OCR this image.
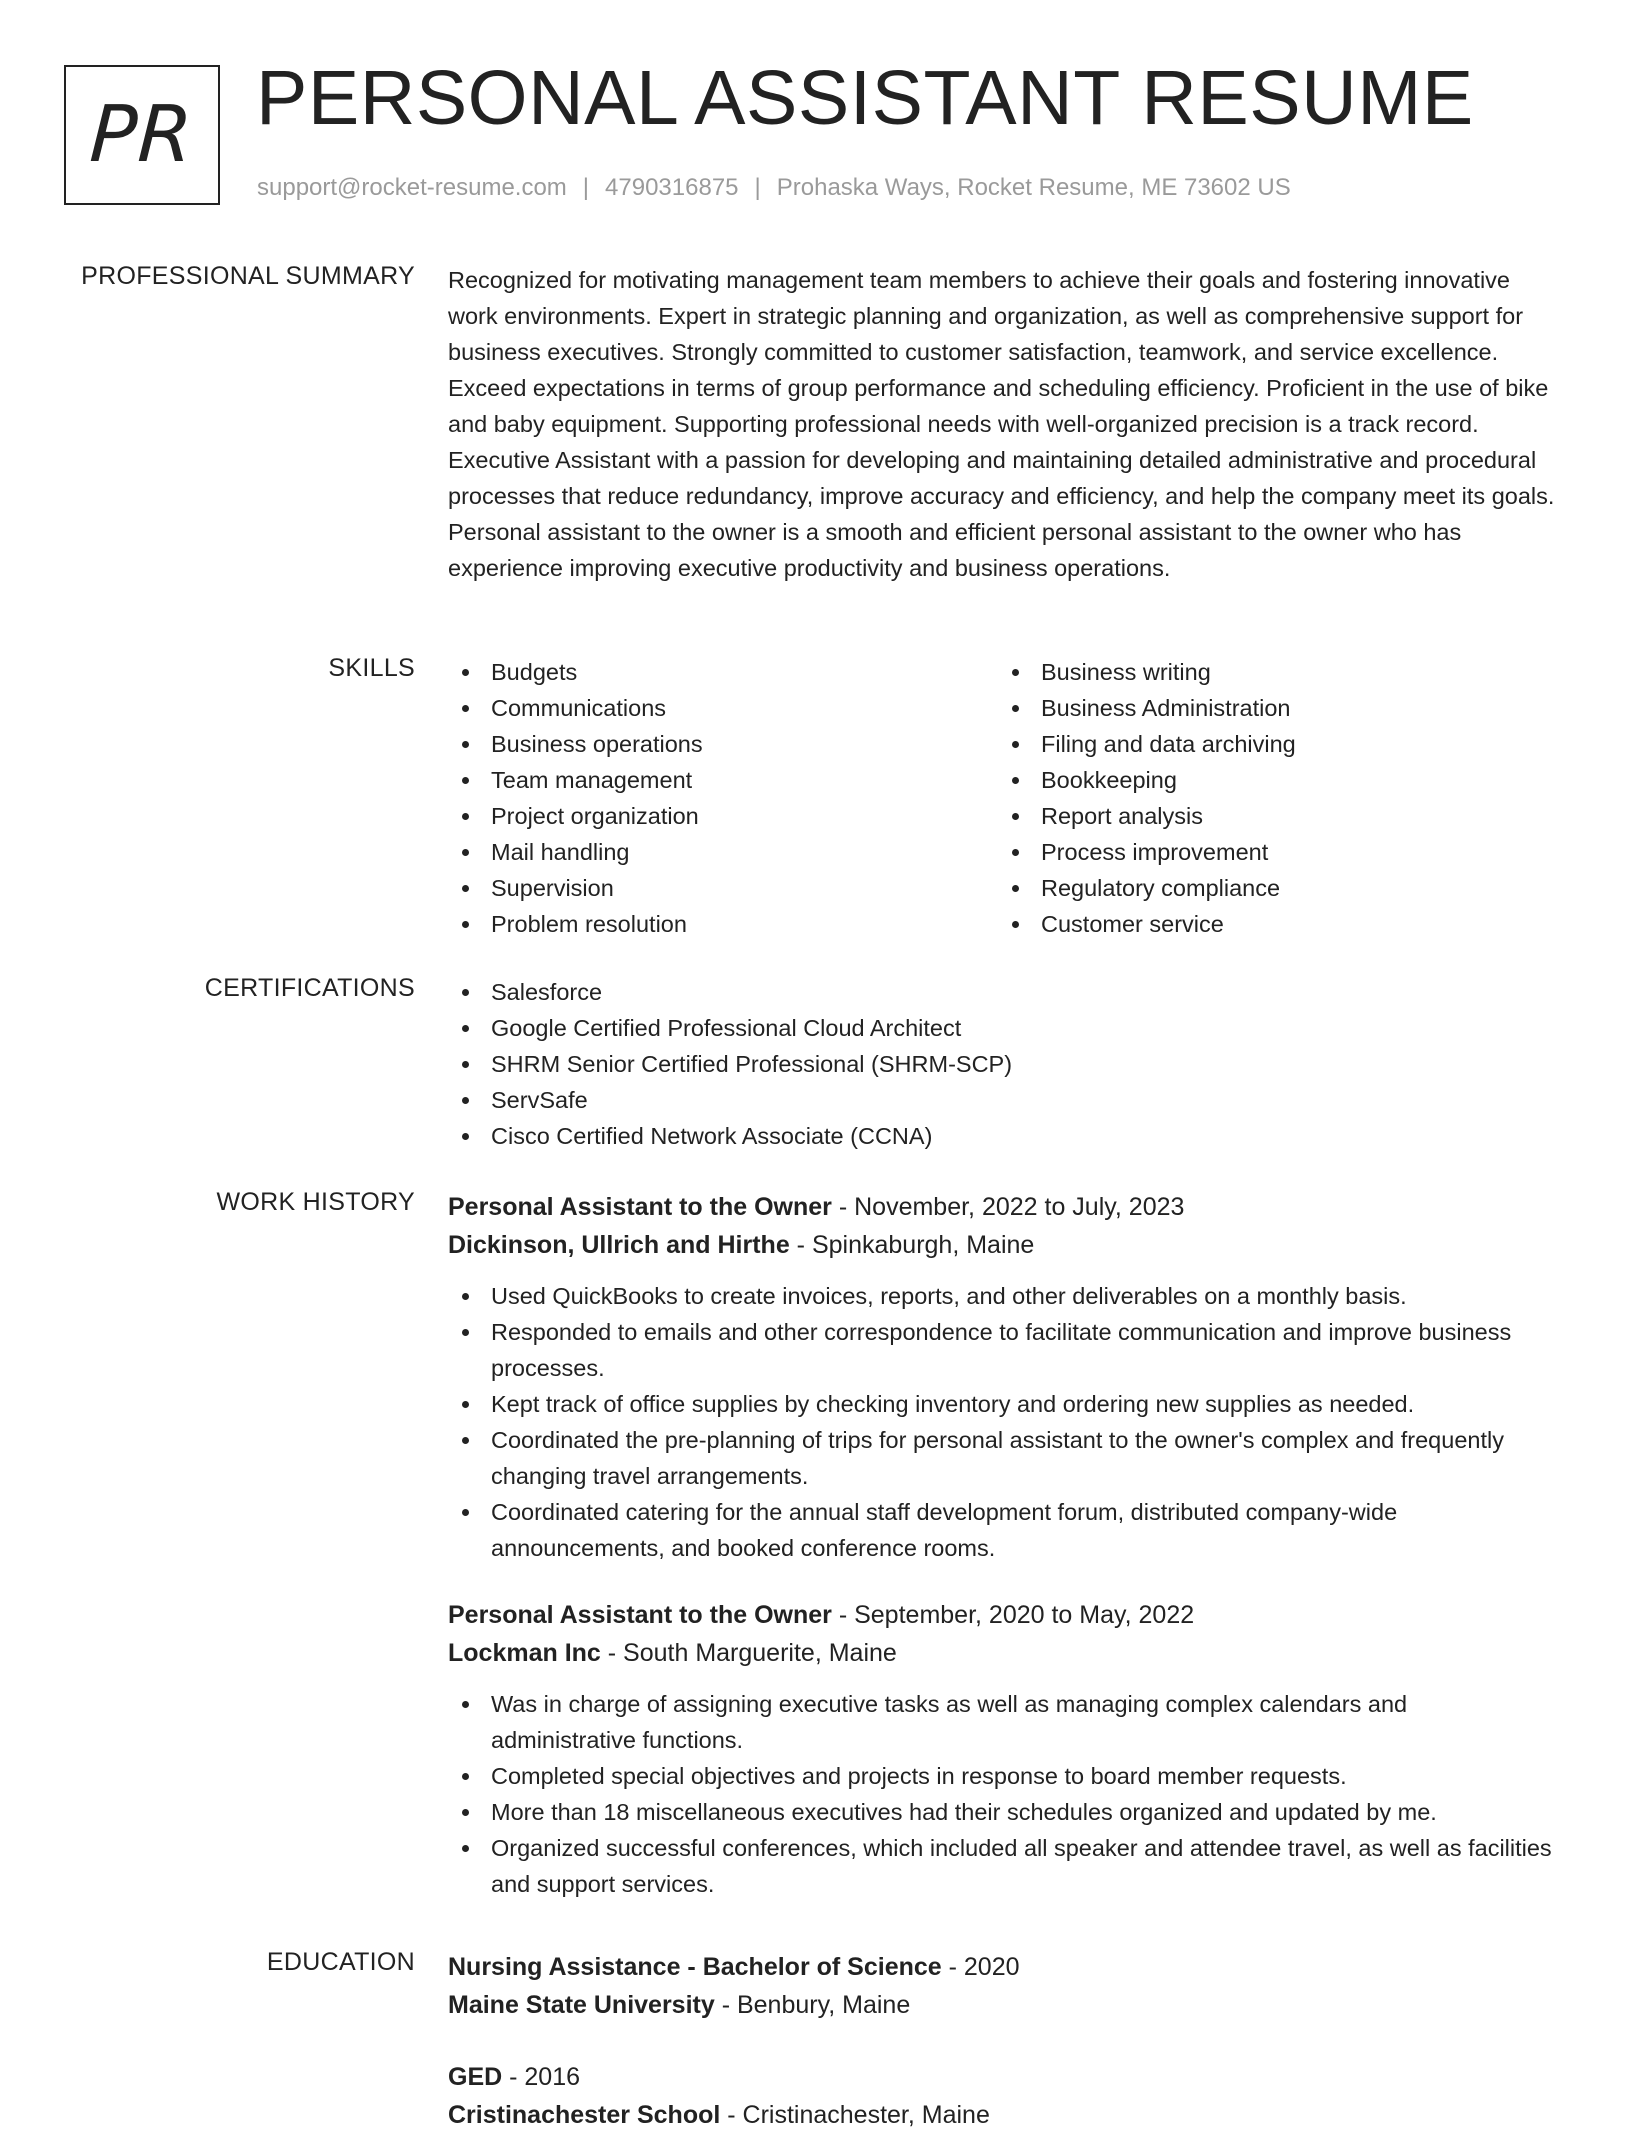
PR PERSONAL ASSISTANT RESUME
support@rocket-resume.com | 4790316875 | Prohaska Ways, Rocket Resume, ME 73602 US
PROFESSIONAL SUMMARY Recognized for motivating management team members to achieve their goals and fostering innovative work environments. Expert in strategic planning and organization, as well as comprehensive support for business executives. Strongly committed to customer satisfaction, teamwork, and service excellence. Exceed expectations in terms of group performance and scheduling efficiency. Proficient in the use of bike and baby equipment. Supporting professional needs with well-organized precision is a track record. Executive Assistant with a passion for developing and maintaining detailed administrative and procedural processes that reduce redundancy, improve accuracy and efficiency, and help the company meet its goals. Personal assistant to the owner is a smooth and efficient personal assistant to the owner who has experience improving executive productivity and business operations.
SKILLS	Budgets
Communications
Business operations
Team management
Project organization
Mail handling
Supervision
Problem resolution
Business writing
Business Administration
Filing and data archiving
Bookkeeping
Report analysis
Process improvement
Regulatory compliance
Customer service
CERTIFICATIONS	Salesforce
Google Certified Professional Cloud Architect
SHRM Senior Certified Professional (SHRM-SCP)
ServSafe
Cisco Certified Network Associate (CCNA)
WORK HISTORY Personal Assistant to the Owner - November, 2022 to July, 2023
Dickinson, Ullrich and Hirthe - Spinkaburgh, Maine
Used QuickBooks to create invoices, reports, and other deliverables on a monthly basis.
Responded to emails and other correspondence to facilitate communication and improve business processes.
Kept track of office supplies by checking inventory and ordering new supplies as needed.
Coordinated the pre-planning of trips for personal assistant to the owner's complex and frequently changing travel arrangements.
Coordinated catering for the annual staff development forum, distributed company-wide announcements, and booked conference rooms.
Personal Assistant to the Owner - September, 2020 to May, 2022
Lockman Inc - South Marguerite, Maine
Was in charge of assigning executive tasks as well as managing complex calendars and administrative functions.
Completed special objectives and projects in response to board member requests.
More than 18 miscellaneous executives had their schedules organized and updated by me.
Organized successful conferences, which included all speaker and attendee travel, as well as facilities and support services.
EDUCATION Nursing Assistance - Bachelor of Science - 2020
Maine State University - Benbury, Maine
GED - 2016
Cristinachester School - Cristinachester, Maine
